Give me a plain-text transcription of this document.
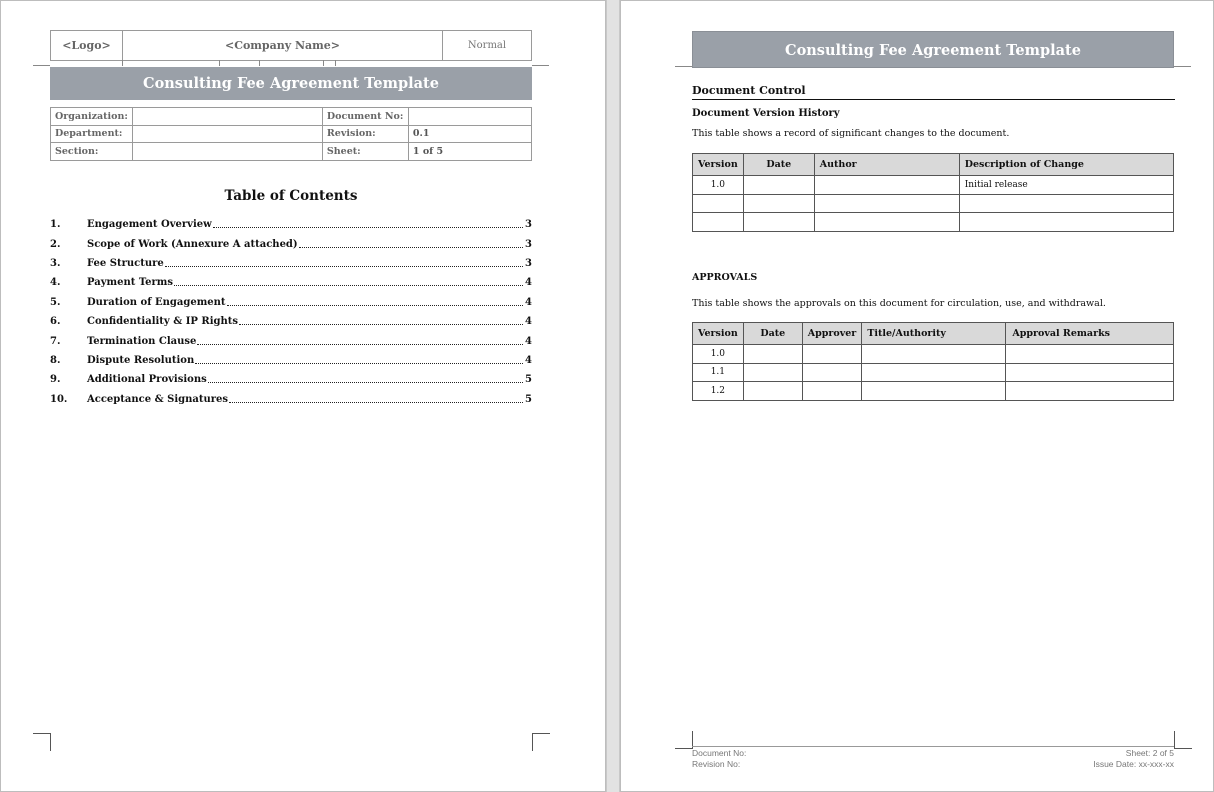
<Logo>	<Company Name>	Normal
Consulting Fee Agreement Template
Organization:		Document No:	
Department:		Revision:	0.1
Section:		Sheet:	1 of 5
Table of Contents
1.	Engagement Overview	3
2.	Scope of Work (Annexure A attached)	3
3.	Fee Structure	3
4.	Payment Terms	4
5.	Duration of Engagement	4
6.	Confidentiality & IP Rights	4
7.	Termination Clause	4
8.	Dispute Resolution	4
9.	Additional Provisions	5
10.	Acceptance & Signatures	5
Consulting Fee Agreement Template
Document Control
Document Version History
This table shows a record of significant changes to the document.
Version	Date	Author	Description of Change
1.0			Initial release

APPROVALS
This table shows the approvals on this document for circulation, use, and withdrawal.
Version	Date	Approver	Title/Authority	Approval Remarks
1.0				
1.1				
1.2				
Document No:
Revision No:
Sheet: 2 of 5
Issue Date: xx-xxx-xx
